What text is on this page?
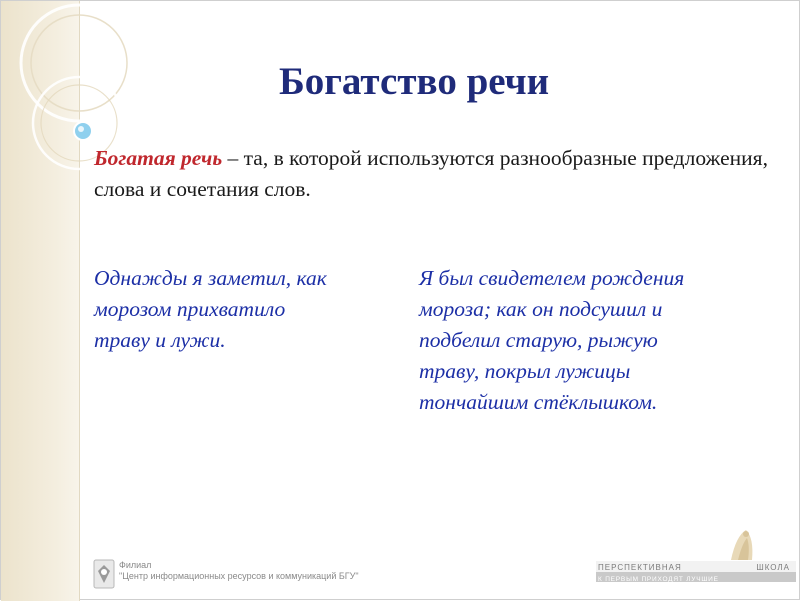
Богатство речи
Богатая речь – та, в которой используются разнообразные предложения, слова и сочетания слов.
Однажды я заметил, как
морозом прихватило
траву и лужи.
Я был свидетелем рождения
мороза; как он подсушил и
подбелил старую, рыжую
траву, покрыл лужицы
тончайшим стёклышком.
Филиал
"Центр информационных ресурсов и коммуникаций БГУ"
ПЕРСПЕКТИВНАЯ	ШКОЛА
К ПЕРВЫМ ПРИХОДЯТ ЛУЧШИЕ
